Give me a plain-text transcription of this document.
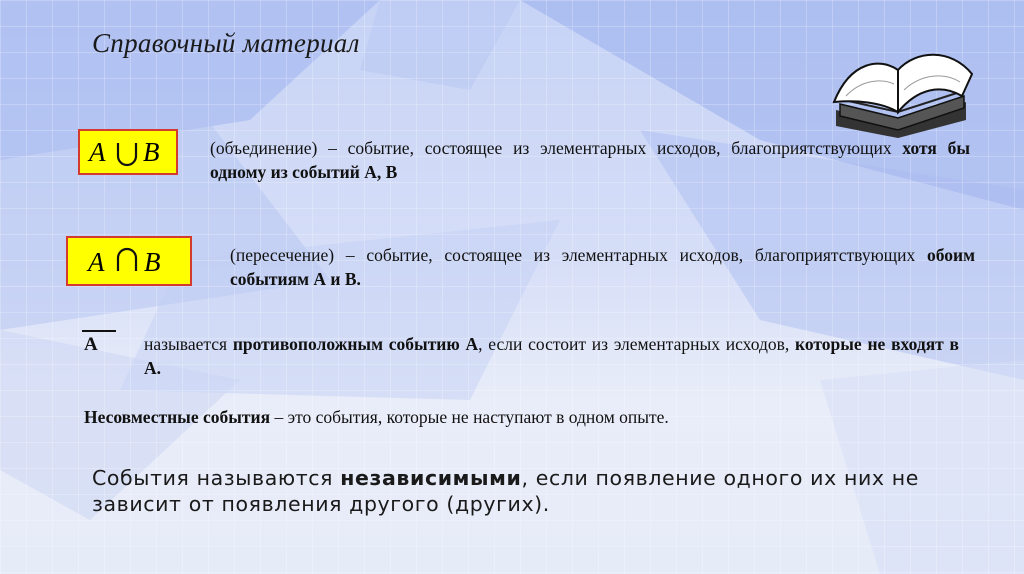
Справочный материал
A B	(объединение) – событие, состоящее из элементарных исходов, благоприятствующих хотя бы одному из событий А, В
A B	(пересечение) – событие, состоящее из элементарных исходов, благоприятствующих обоим событиям А и В.
A	называется противоположным событию А, если состоит из элементарных исходов, которые не входят в А.
Несовместные события – это события, которые не наступают в одном опыте.
События называются независимыми, если появление одного их них не зависит от появления другого (других).
